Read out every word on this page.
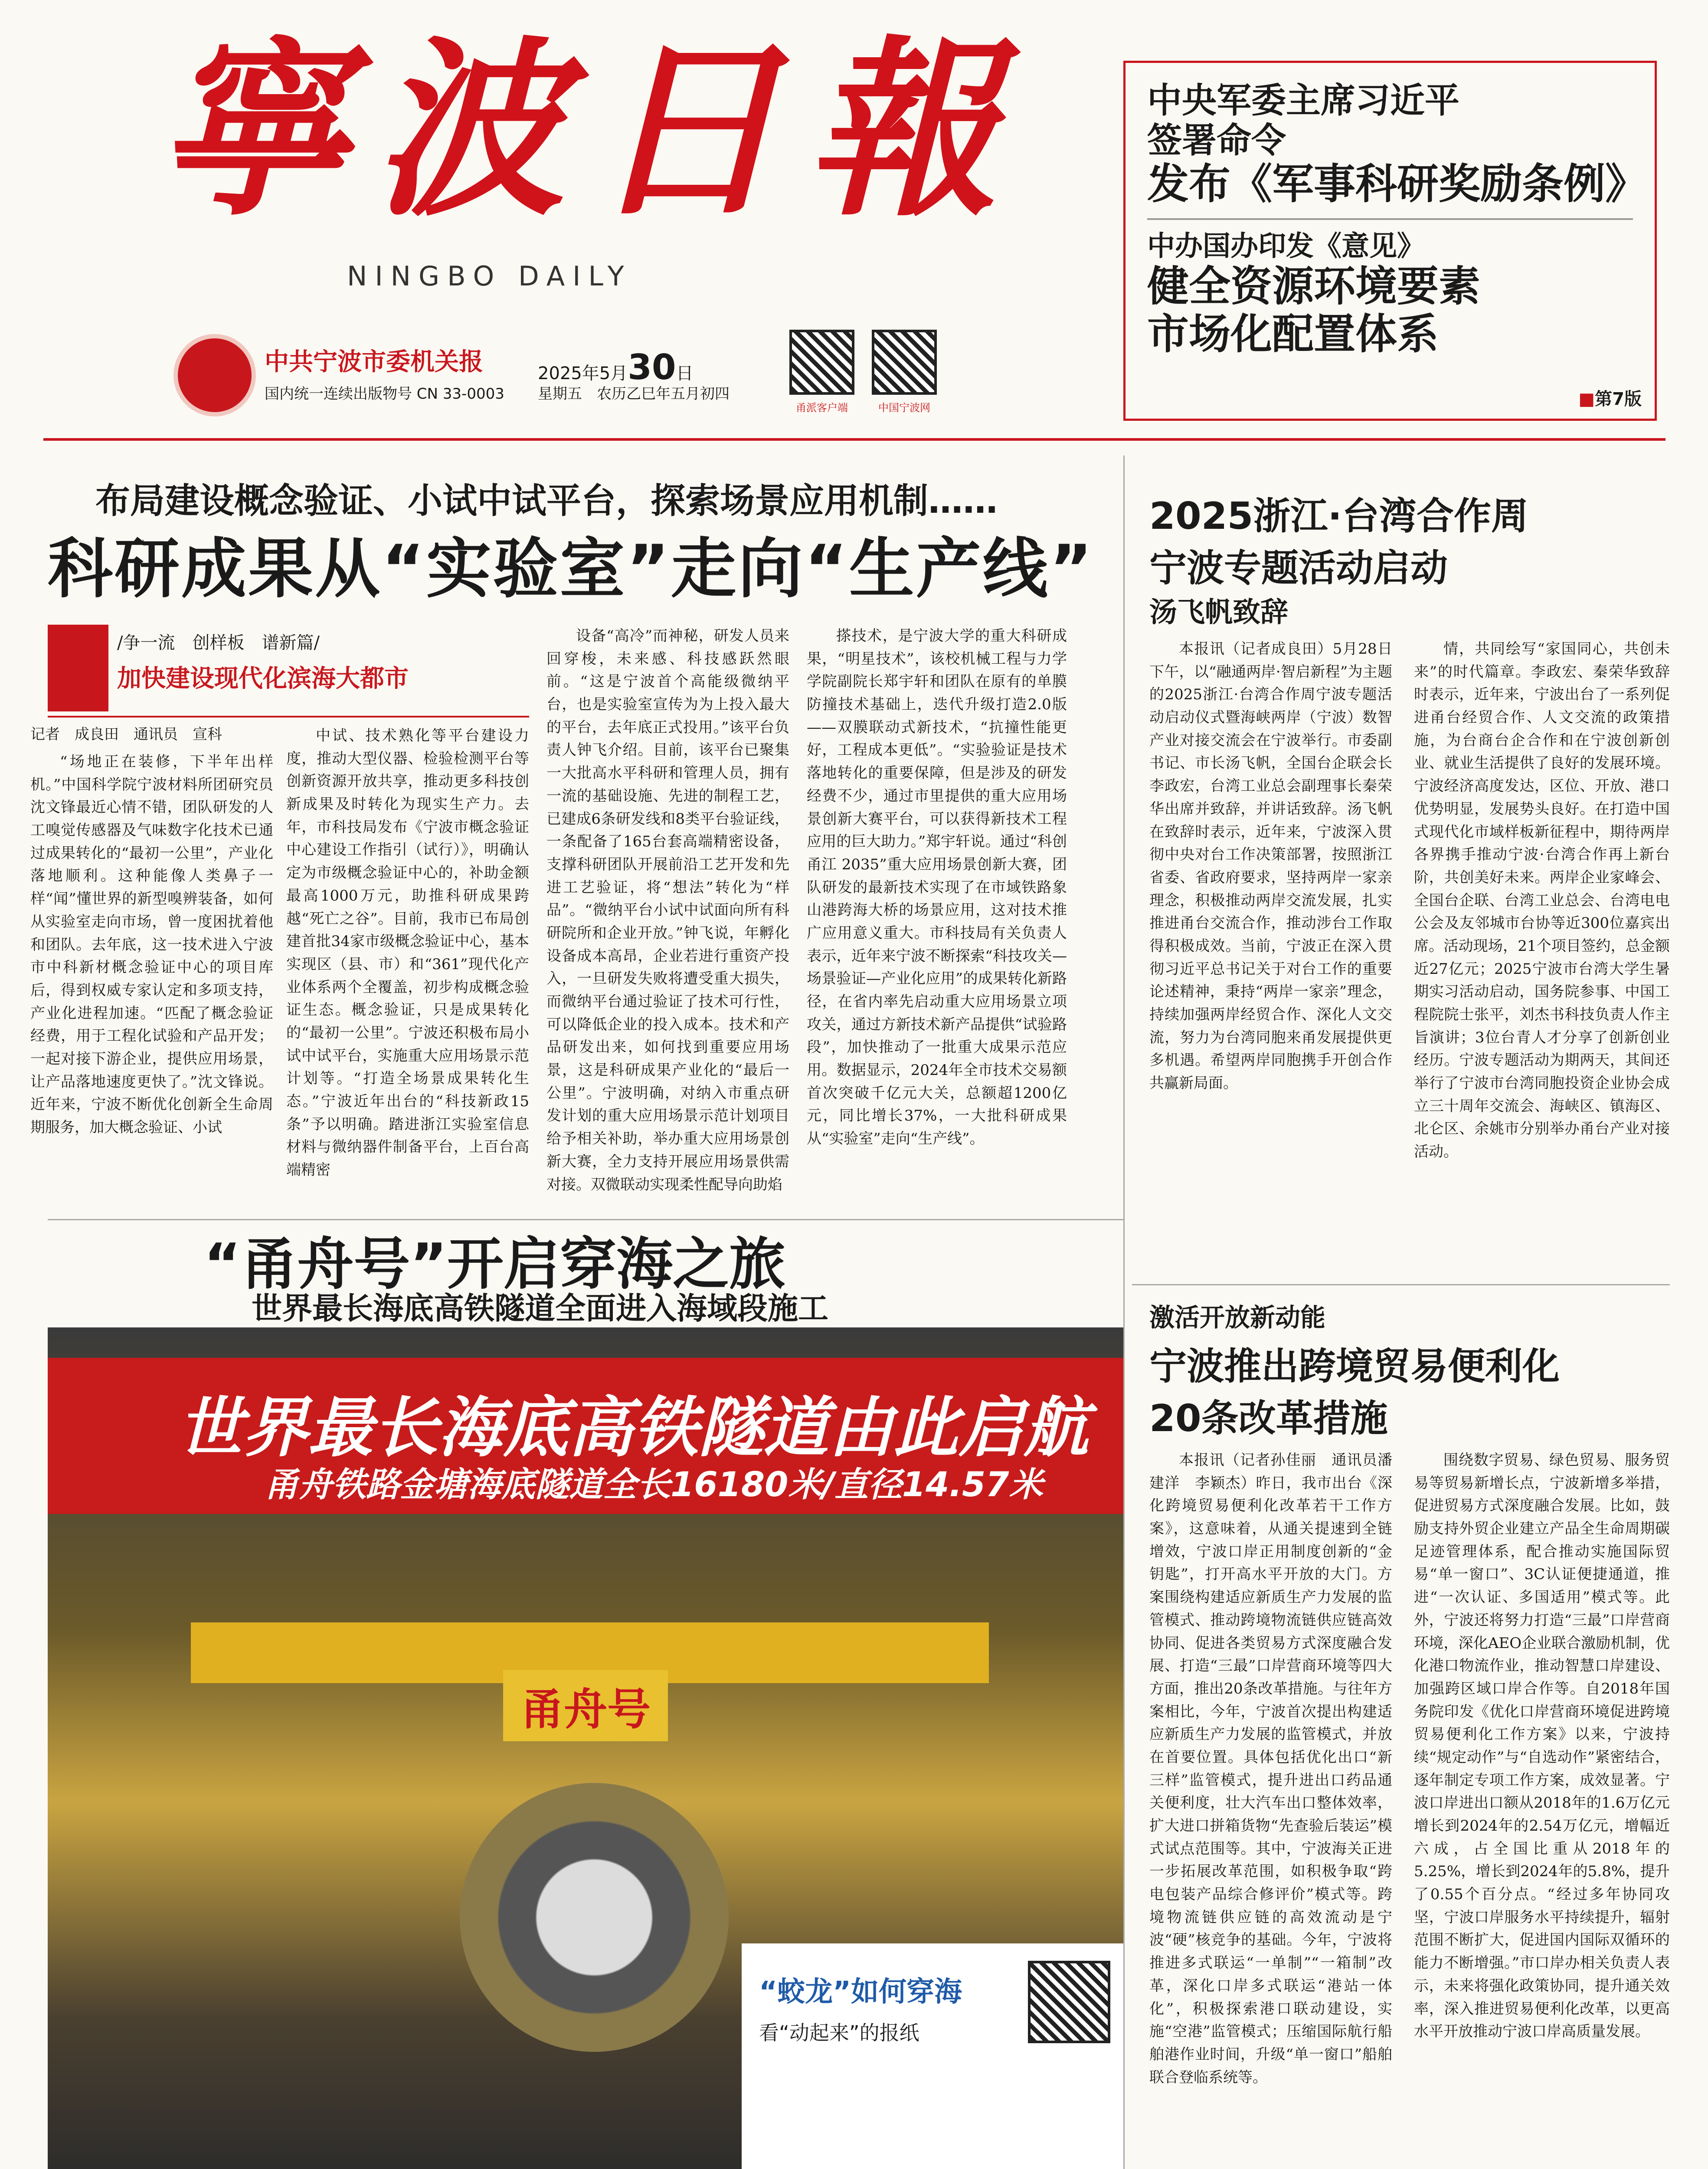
寧波日報
NINGBO DAILY
中共宁波市委机关报
国内统一连续出版物号 CN 33-0003
2025年5月30日
星期五　农历乙巳年五月初四
甬派客户端	中国宁波网
中央军委主席习近平
签署命令
发布《军事科研奖励条例》
中办国办印发《意见》
健全资源环境要素
市场化配置体系
■第7版
布局建设概念验证、小试中试平台，探索场景应用机制……
科研成果从“实验室”走向“生产线”
/争一流　创样板　谱新篇/
加快建设现代化滨海大都市
记者　成良田　通讯员　宣科

“场地正在装修，下半年出样机。”中国科学院宁波材料所团研究员沈文锋最近心情不错，团队研发的人工嗅觉传感器及气味数字化技术已通过成果转化的“最初一公里”，产业化落地顺利。这种能像人类鼻子一样“闻”懂世界的新型嗅辨装备，如何从实验室走向市场，曾一度困扰着他和团队。去年底，这一技术进入宁波市中科新材概念验证中心的项目库后，得到权威专家认定和多项支持，产业化进程加速。“匹配了概念验证经费，用于工程化试验和产品开发；一起对接下游企业，提供应用场景，让产品落地速度更快了。”沈文锋说。近年来，宁波不断优化创新全生命周期服务，加大概念验证、小试

中试、技术熟化等平台建设力度，推动大型仪器、检验检测平台等创新资源开放共享，推动更多科技创新成果及时转化为现实生产力。去年，市科技局发布《宁波市概念验证中心建设工作指引（试行）》，明确认定为市级概念验证中心的，补助金额最高1000万元，助推科研成果跨越“死亡之谷”。目前，我市已布局创建首批34家市级概念验证中心，基本实现区（县、市）和“361”现代化产业体系两个全覆盖，初步构成概念验证生态。概念验证，只是成果转化的“最初一公里”。宁波还积极布局小试中试平台，实施重大应用场景示范计划等。“打造全场景成果转化生态。”宁波近年出台的“科技新政15条”予以明确。踏进浙江实验室信息材料与微纳器件制备平台，上百台高端精密

设备“高冷”而神秘，研发人员来回穿梭，未来感、科技感跃然眼前。“这是宁波首个高能级微纳平台，也是实验室宣传为为上投入最大的平台，去年底正式投用。”该平台负责人钟飞介绍。目前，该平台已聚集一大批高水平科研和管理人员，拥有一流的基础设施、先进的制程工艺，已建成6条研发线和8类平台验证线，一条配备了165台套高端精密设备，支撑科研团队开展前沿工艺开发和先进工艺验证，将“想法”转化为“样品”。“微纳平台小试中试面向所有科研院所和企业开放。”钟飞说，年孵化设备成本高昂，企业若进行重资产投入，一旦研发失败将遭受重大损失，而微纳平台通过验证了技术可行性，可以降低企业的投入成本。技术和产品研发出来，如何找到重要应用场景，这是科研成果产业化的“最后一公里”。宁波明确，对纳入市重点研发计划的重大应用场景示范计划项目给予相关补助，举办重大应用场景创新大赛，全力支持开展应用场景供需对接。双微联动实现柔性配导向助焰

搽技术，是宁波大学的重大科研成果，“明星技术”，该校机械工程与力学学院副院长郑宇轩和团队在原有的单膜防撞技术基础上，迭代升级打造2.0版——双膜联动式新技术，“抗撞性能更好，工程成本更低”。“实验验证是技术落地转化的重要保障，但是涉及的研发经费不少，通过市里提供的重大应用场景创新大赛平台，可以获得新技术工程应用的巨大助力。”郑宇轩说。通过“科创甬江 2035”重大应用场景创新大赛，团队研发的最新技术实现了在市域铁路象山港跨海大桥的场景应用，这对技术推广应用意义重大。市科技局有关负责人表示，近年来宁波不断探索“科技攻关—场景验证—产业化应用”的成果转化新路径，在省内率先启动重大应用场景立项攻关，通过方新技术新产品提供“试验路段”，加快推动了一批重大成果示范应用。数据显示，2024年全市技术交易额首次突破千亿元大关，总额超1200亿元，同比增长37%，一大批科研成果从“实验室”走向“生产线”。

2025浙江·台湾合作周
宁波专题活动启动
汤飞帆致辞

本报讯（记者成良田）5月28日下午，以“融通两岸·智启新程”为主题的2025浙江·台湾合作周宁波专题活动启动仪式暨海峡两岸（宁波）数智产业对接交流会在宁波举行。市委副书记、市长汤飞帆，全国台企联会长李政宏，台湾工业总会副理事长秦荣华出席并致辞，并讲话致辞。汤飞帆在致辞时表示，近年来，宁波深入贯彻中央对台工作决策部署，按照浙江省委、省政府要求，坚持两岸一家亲理念，积极推动两岸交流发展，扎实推进甬台交流合作，推动涉台工作取得积极成效。当前，宁波正在深入贯彻习近平总书记关于对台工作的重要论述精神，秉持“两岸一家亲”理念，持续加强两岸经贸合作、深化人文交流，努力为台湾同胞来甬发展提供更多机遇。希望两岸同胞携手开创合作共赢新局面。

情，共同绘写“家国同心，共创未来”的时代篇章。李政宏、秦荣华致辞时表示，近年来，宁波出台了一系列促进甬台经贸合作、人文交流的政策措施，为台商台企合作和在宁波创新创业、就业生活提供了良好的发展环境。宁波经济高度发达，区位、开放、港口优势明显，发展势头良好。在打造中国式现代化市域样板新征程中，期待两岸各界携手推动宁波·台湾合作再上新台阶，共创美好未来。两岸企业家峰会、全国台企联、台湾工业总会、台湾电电公会及友邻城市台协等近300位嘉宾出席。活动现场，21个项目签约，总金额近27亿元；2025宁波市台湾大学生暑期实习活动启动，国务院参事、中国工程院院士张平，刘杰书科技负责人作主旨演讲；3位台青人才分享了创新创业经历。宁波专题活动为期两天，其间还举行了宁波市台湾同胞投资企业协会成立三十周年交流会、海峡区、镇海区、北仑区、余姚市分别举办甬台产业对接活动。

“甬舟号”开启穿海之旅
世界最长海底高铁隧道全面进入海域段施工
世界最长海底高铁隧道由此启航
甬舟铁路金塘海底隧道全长16180米/直径14.57米
甬舟号
“蛟龙”如何穿海
看“动起来”的报纸

激活开放新动能
宁波推出跨境贸易便利化
20条改革措施

本报讯（记者孙佳丽　通讯员潘建洋　李颖杰）昨日，我市出台《深化跨境贸易便利化改革若干工作方案》，这意味着，从通关提速到全链增效，宁波口岸正用制度创新的“金钥匙”，打开高水平开放的大门。方案围绕构建适应新质生产力发展的监管模式、推动跨境物流链供应链高效协同、促进各类贸易方式深度融合发展、打造“三最”口岸营商环境等四大方面，推出20条改革措施。与往年方案相比，今年，宁波首次提出构建适应新质生产力发展的监管模式，并放在首要位置。具体包括优化出口“新三样”监管模式，提升进出口药品通关便利度，壮大汽车出口整体效率，扩大进口拼箱货物“先查验后装运”模式试点范围等。其中，宁波海关正进一步拓展改革范围，如积极争取“跨电包装产品综合修评价”模式等。跨境物流链供应链的高效流动是宁波“硬”核竞争的基础。今年，宁波将推进多式联运“一单制”“一箱制”改革，深化口岸多式联运“港站一体化”，积极探索港口联动建设，实施“空港”监管模式；压缩国际航行船舶港作业时间，升级“单一窗口”船舶联合登临系统等。

围绕数字贸易、绿色贸易、服务贸易等贸易新增长点，宁波新增多举措，促进贸易方式深度融合发展。比如，鼓励支持外贸企业建立产品全生命周期碳足迹管理体系，配合推动实施国际贸易“单一窗口”、3C认证便捷通道，推进“一次认证、多国适用”模式等。此外，宁波还将努力打造“三最”口岸营商环境，深化AEO企业联合激励机制，优化港口物流作业，推动智慧口岸建设、加强跨区域口岸合作等。自2018年国务院印发《优化口岸营商环境促进跨境贸易便利化工作方案》以来，宁波持续“规定动作”与“自选动作”紧密结合，逐年制定专项工作方案，成效显著。宁波口岸进出口额从2018年的1.6万亿元增长到2024年的2.54万亿元，增幅近六成，占全国比重从2018年的5.25%，增长到2024年的5.8%，提升了0.55个百分点。“经过多年协同攻坚，宁波口岸服务水平持续提升，辐射范围不断扩大，促进国内国际双循环的能力不断增强。”市口岸办相关负责人表示，未来将强化政策协同，提升通关效率，深入推进贸易便利化改革，以更高水平开放推动宁波口岸高质量发展。
